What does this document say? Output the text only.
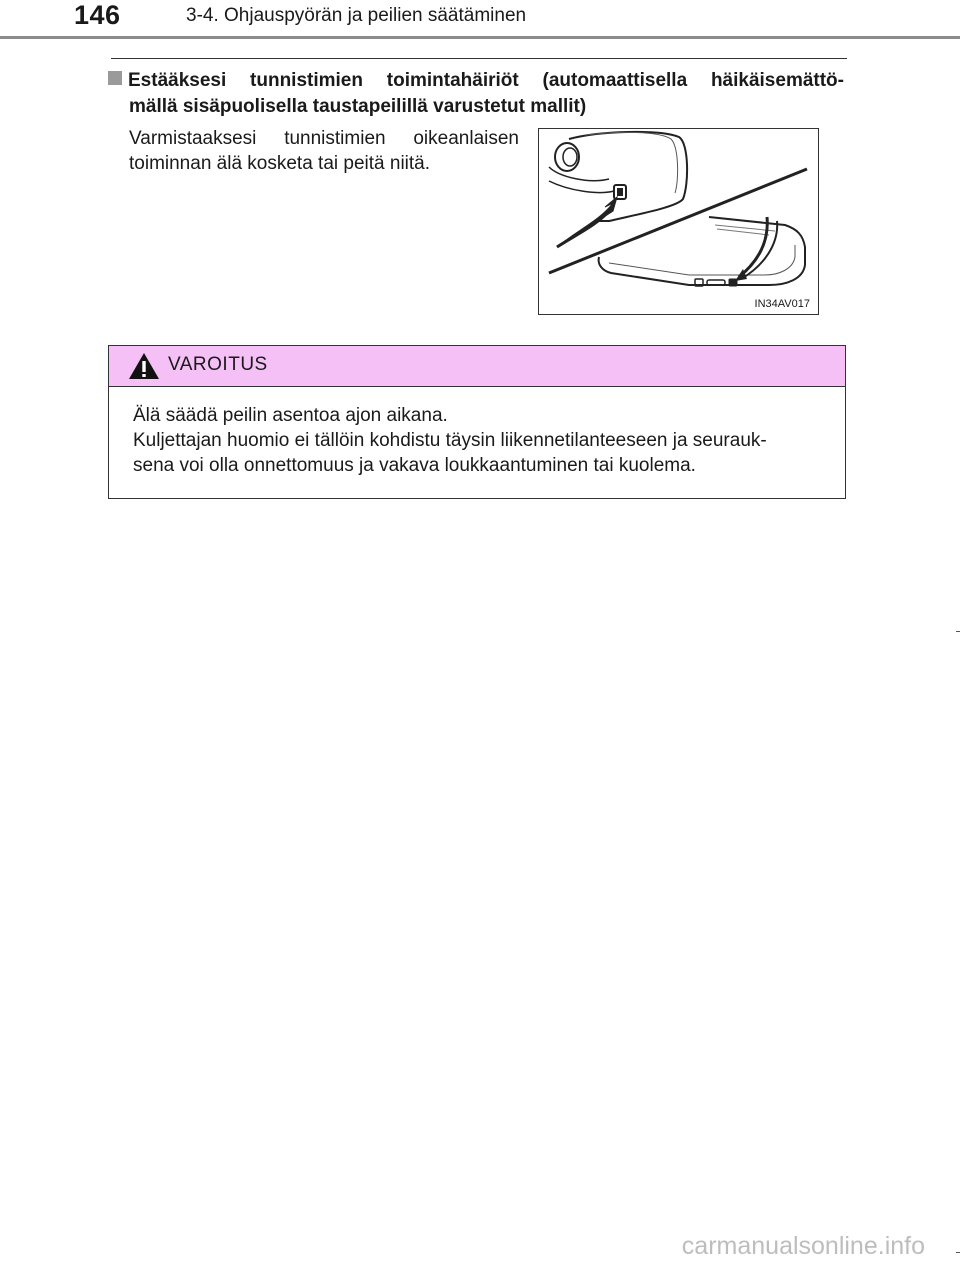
146	3-4. Ohjauspyörän ja peilien säätäminen
Estääksesi tunnistimien toimintahäiriöt (automaattisella häikäisemättö-
mällä sisäpuolisella taustapeilillä varustetut mallit)
Varmistaaksesi tunnistimien oikeanlaisen
toiminnan älä kosketa tai peitä niitä.
IN34AV017
VAROITUS
Älä säädä peilin asentoa ajon aikana.
Kuljettajan huomio ei tällöin kohdistu täysin liikennetilanteeseen ja seurauk-
sena voi olla onnettomuus ja vakava loukkaantuminen tai kuolema.
carmanualsonline.info
